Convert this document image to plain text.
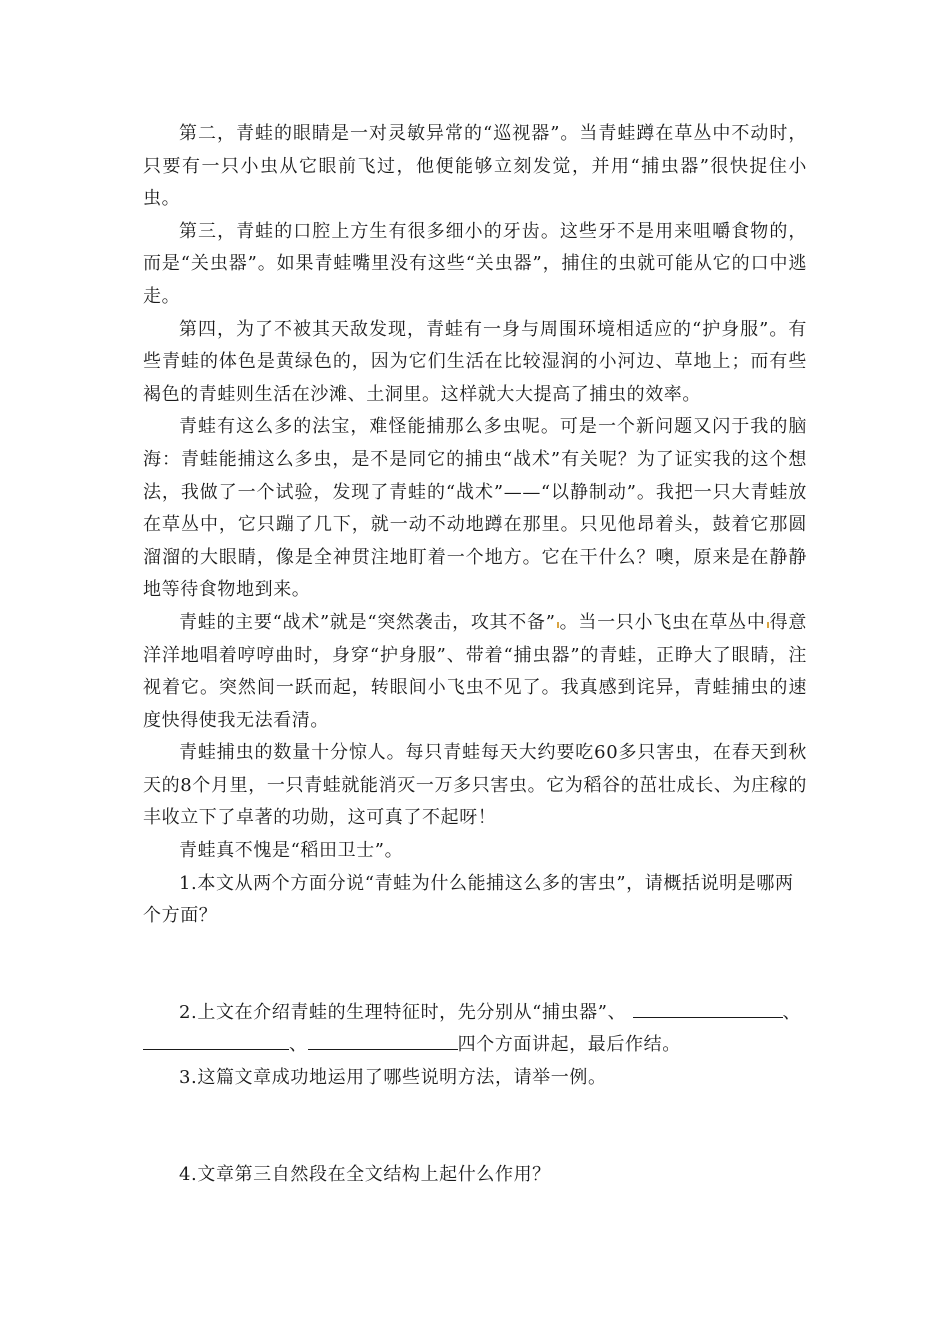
第二，青蛙的眼睛是一对灵敏异常的“巡视器”。当青蛙蹲在草丛中不动时，只要有一只小虫从它眼前飞过，他便能够立刻发觉，并用“捕虫器”很快捉住小虫。

第三，青蛙的口腔上方生有很多细小的牙齿。这些牙不是用来咀嚼食物的，而是“关虫器”。如果青蛙嘴里没有这些“关虫器”，捕住的虫就可能从它的口中逃走。

第四，为了不被其天敌发现，青蛙有一身与周围环境相适应的“护身服”。有些青蛙的体色是黄绿色的，因为它们生活在比较湿润的小河边、草地上；而有些褐色的青蛙则生活在沙滩、土洞里。这样就大大提高了捕虫的效率。

青蛙有这么多的法宝，难怪能捕那么多虫呢。可是一个新问题又闪于我的脑海：青蛙能捕这么多虫，是不是同它的捕虫“战术”有关呢？为了证实我的这个想法，我做了一个试验，发现了青蛙的“战术”——“以静制动”。我把一只大青蛙放在草丛中，它只蹦了几下，就一动不动地蹲在那里。只见他昂着头，鼓着它那圆溜溜的大眼睛，像是全神贯注地盯着一个地方。它在干什么？噢，原来是在静静地等待食物地到来。

青蛙的主要“战术”就是“突然袭击，攻其不备” 。当一只小飞虫在草丛中 得意洋洋地唱着哼哼曲时，身穿“护身服”、带着“捕虫器”的青蛙，正睁大了眼睛，注视着它。突然间一跃而起，转眼间小飞虫不见了。我真感到诧异，青蛙捕虫的速度快得使我无法看清。

青蛙捕虫的数量十分惊人。每只青蛙每天大约要吃60多只害虫，在春天到秋天的8个月里，一只青蛙就能消灭一万多只害虫。它为稻谷的茁壮成长、为庄稼的丰收立下了卓著的功勋，这可真了不起呀！

青蛙真不愧是“稻田卫士”。

1.本文从两个方面分说“青蛙为什么能捕这么多的害虫”，请概括说明是哪两个方面？

2.上文在介绍青蛙的生理特征时，先分别从“捕虫器”、	、、	四个方面讲起，最后作结。

3.这篇文章成功地运用了哪些说明方法，请举一例。

4.文章第三自然段在全文结构上起什么作用？
